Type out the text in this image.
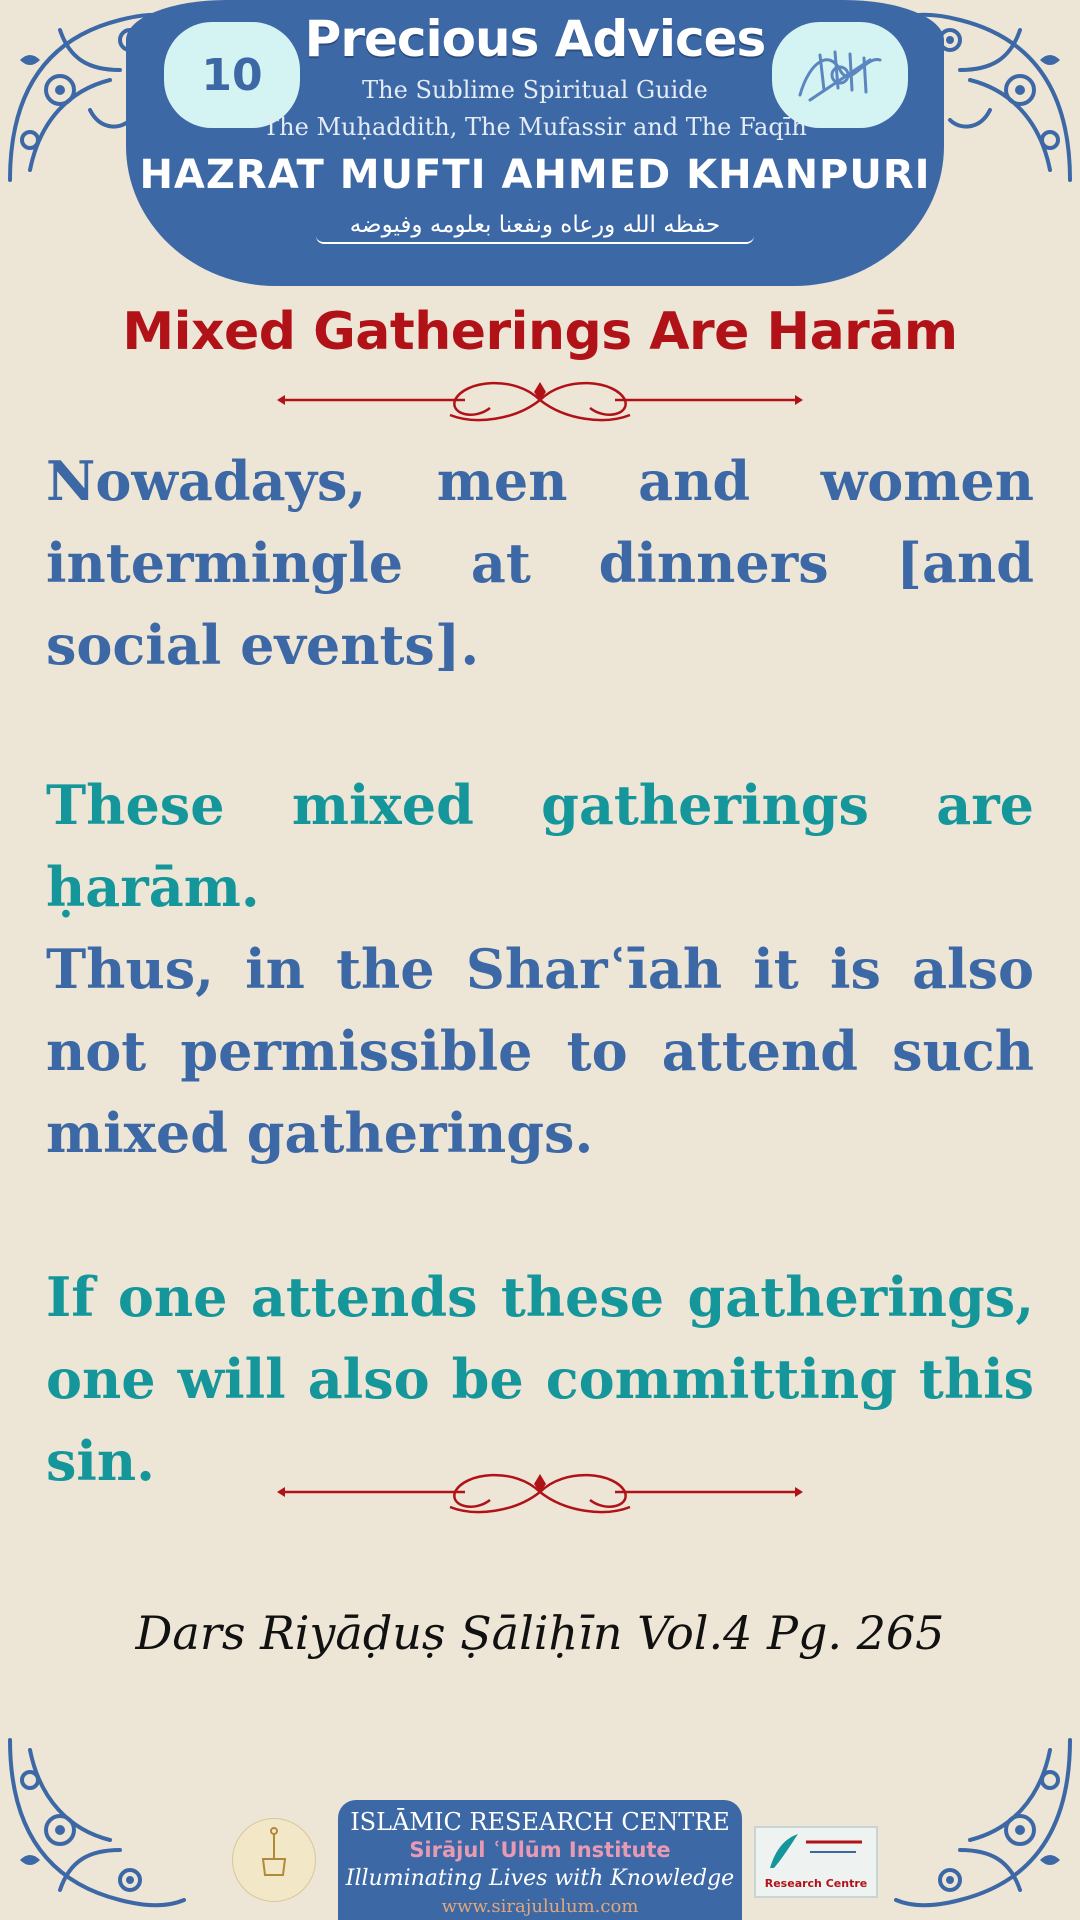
10
Precious Advices
The Sublime Spiritual Guide
The Muḥaddith, The Mufassir and The Faqīh
HAZRAT MUFTI AHMED KHANPURI
حفظه الله ورعاه ونفعنا بعلومه وفيوضه
Mixed Gatherings Are Harām

Nowadays, men and women intermingle at dinners [and social events].

These mixed gatherings are ḥarām.

Thus, in the Sharʿīah it is also not permissible to attend such mixed gatherings.

If one attends these gatherings, one will also be committing this sin.

Dars Riyāḍuṣ Ṣāliḥīn Vol.4 Pg. 265
ISLĀMIC RESEARCH CENTRE
Sirājul ʿUlūm Institute
Illuminating Lives with Knowledge
www.sirajululum.com
Research Centre
